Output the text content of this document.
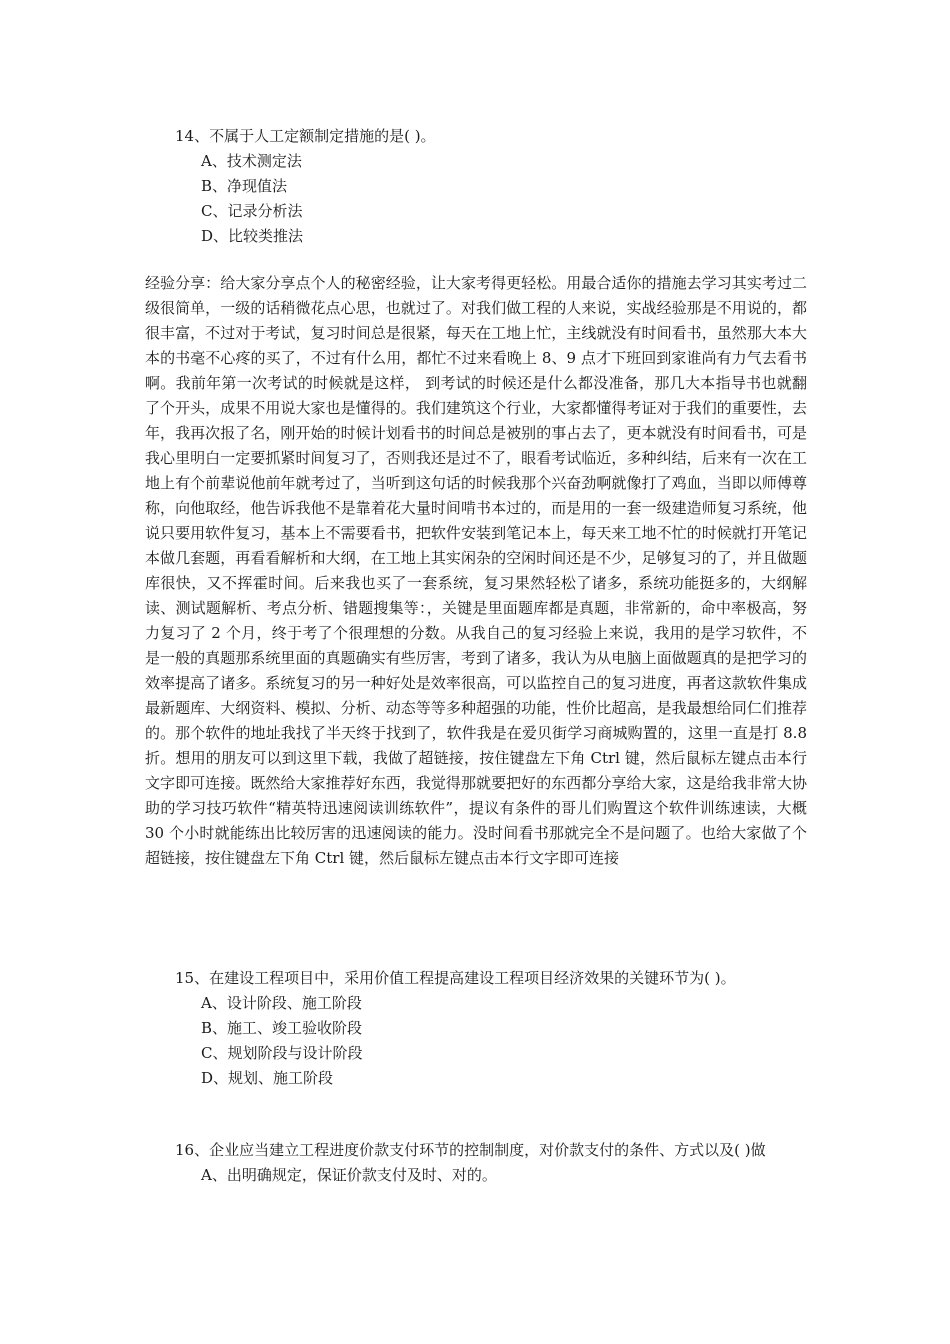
14、不属于人工定额制定措施的是( )。
A、技术测定法
B、净现值法
C、记录分析法
D、比较类推法
经验分享：给大家分享点个人的秘密经验，让大家考得更轻松。用最合适你的措施去学习其实考过二级很简单，一级的话稍微花点心思，也就过了。对我们做工程的人来说，实战经验那是不用说的，都很丰富，不过对于考试，复习时间总是很紧，每天在工地上忙，主线就没有时间看书，虽然那大本大本的书毫不心疼的买了，不过有什么用，都忙不过来看晚上 8、9 点才下班回到家谁尚有力气去看书啊。我前年第一次考试的时候就是这样， 到考试的时候还是什么都没准备，那几大本指导书也就翻了个开头，成果不用说大家也是懂得的。我们建筑这个行业，大家都懂得考证对于我们的重要性，去年，我再次报了名，刚开始的时候计划看书的时间总是被别的事占去了，更本就没有时间看书，可是我心里明白一定要抓紧时间复习了，否则我还是过不了，眼看考试临近，多种纠结，后来有一次在工地上有个前辈说他前年就考过了，当听到这句话的时候我那个兴奋劲啊就像打了鸡血，当即以师傅尊称，向他取经，他告诉我他不是靠着花大量时间啃书本过的，而是用的一套一级建造师复习系统，他说只要用软件复习，基本上不需要看书，把软件安装到笔记本上，每天来工地不忙的时候就打开笔记本做几套题，再看看解析和大纲，在工地上其实闲杂的空闲时间还是不少，足够复习的了，并且做题库很快，又不挥霍时间。后来我也买了一套系统，复习果然轻松了诸多，系统功能挺多的，大纲解读、测试题解析、考点分析、错题搜集等：，关键是里面题库都是真题，非常新的，命中率极高，努力复习了 2 个月，终于考了个很理想的分数。从我自己的复习经验上来说，我用的是学习软件，不是一般的真题那系统里面的真题确实有些厉害，考到了诸多，我认为从电脑上面做题真的是把学习的效率提高了诸多。系统复习的另一种好处是效率很高，可以监控自己的复习进度，再者这款软件集成最新题库、大纲资料、模拟、分析、动态等等多种超强的功能，性价比超高，是我最想给同仁们推荐的。那个软件的地址我找了半天终于找到了，软件我是在爱贝街学习商城购置的，这里一直是打 8.8 折。想用的朋友可以到这里下载，我做了超链接，按住键盘左下角 Ctrl 键，然后鼠标左键点击本行文字即可连接。既然给大家推荐好东西，我觉得那就要把好的东西都分享给大家，这是给我非常大协助的学习技巧软件“精英特迅速阅读训练软件”，提议有条件的哥儿们购置这个软件训练速读，大概 30 个小时就能练出比较厉害的迅速阅读的能力。没时间看书那就完全不是问题了。也给大家做了个超链接，按住键盘左下角 Ctrl 键，然后鼠标左键点击本行文字即可连接
15、在建设工程项目中，采用价值工程提高建设工程项目经济效果的关键环节为( )。
A、设计阶段、施工阶段
B、施工、竣工验收阶段
C、规划阶段与设计阶段
D、规划、施工阶段
16、企业应当建立工程进度价款支付环节的控制制度，对价款支付的条件、方式以及( )做
A、出明确规定，保证价款支付及时、对的。
